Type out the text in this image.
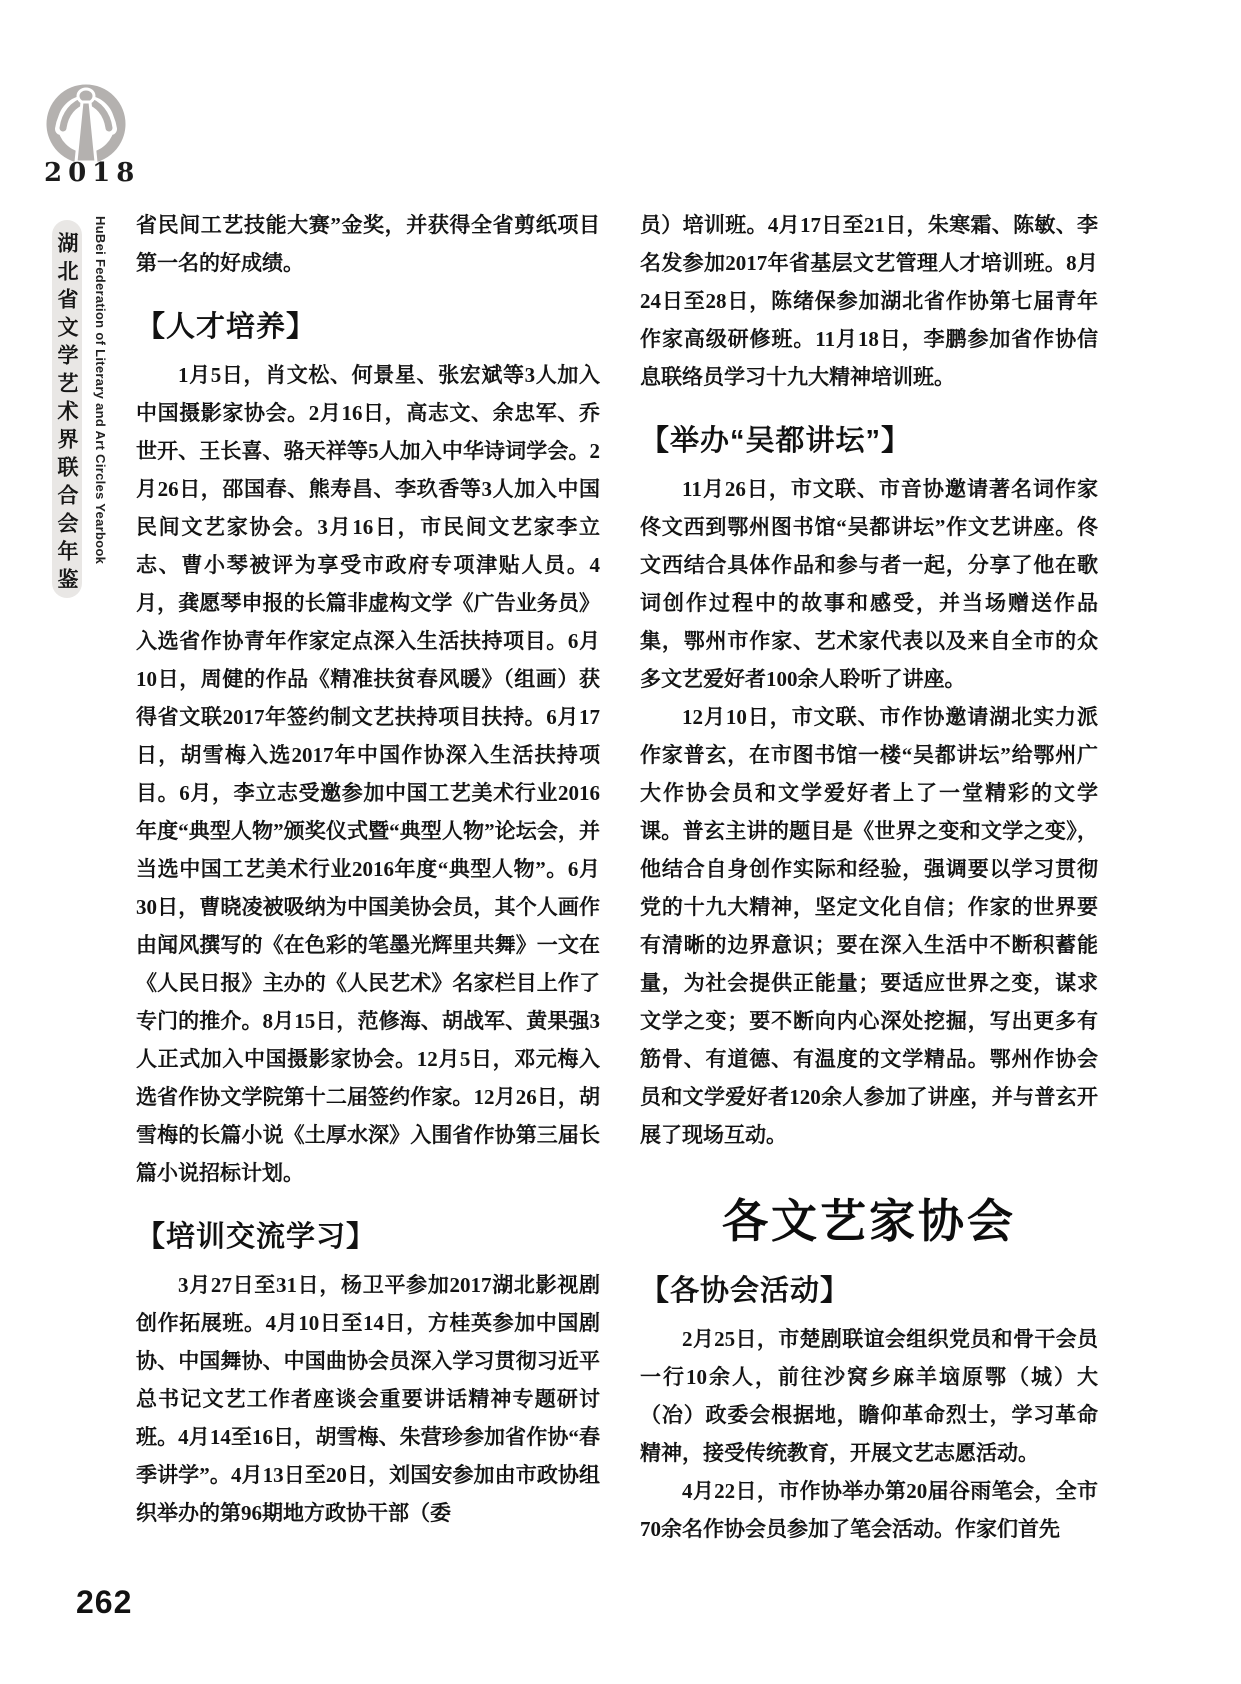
2018
湖北省文学艺术界联合会年鉴 HuBei Federation of Literary and Art Circles Yearbook 省民间工艺技能大赛”金奖，并获得全省剪纸项目第一名的好成绩。

【人才培养】

1月5日，肖文松、何景星、张宏斌等3人加入中国摄影家协会。2月16日，高志文、余忠军、乔世开、王长喜、骆天祥等5人加入中华诗词学会。2月26日，邵国春、熊寿昌、李玖香等3人加入中国民间文艺家协会。3月16日，市民间文艺家李立志、曹小琴被评为享受市政府专项津贴人员。4月，龚愿琴申报的长篇非虚构文学《广告业务员》入选省作协青年作家定点深入生活扶持项目。6月10日，周健的作品《精准扶贫春风暖》（组画）获得省文联2017年签约制文艺扶持项目扶持。6月17日，胡雪梅入选2017年中国作协深入生活扶持项目。6月，李立志受邀参加中国工艺美术行业2016年度“典型人物”颁奖仪式暨“典型人物”论坛会，并当选中国工艺美术行业2016年度“典型人物”。6月30日，曹晓凌被吸纳为中国美协会员，其个人画作由闻风撰写的《在色彩的笔墨光辉里共舞》一文在《人民日报》主办的《人民艺术》名家栏目上作了专门的推介。8月15日，范修海、胡战军、黄果强3人正式加入中国摄影家协会。12月5日，邓元梅入选省作协文学院第十二届签约作家。12月26日，胡雪梅的长篇小说《土厚水深》入围省作协第三届长篇小说招标计划。

【培训交流学习】

3月27日至31日，杨卫平参加2017湖北影视剧创作拓展班。4月10日至14日，方桂英参加中国剧协、中国舞协、中国曲协会员深入学习贯彻习近平总书记文艺工作者座谈会重要讲话精神专题研讨班。4月14至16日，胡雪梅、朱营珍参加省作协“春季讲学”。4月13日至20日，刘国安参加由市政协组织举办的第96期地方政协干部（委

员）培训班。4月17日至21日，朱寒霜、陈敏、李名发参加2017年省基层文艺管理人才培训班。8月24日至28日，陈绪保参加湖北省作协第七届青年作家高级研修班。11月18日，李鹏参加省作协信息联络员学习十九大精神培训班。

【举办“吴都讲坛”】

11月26日，市文联、市音协邀请著名词作家佟文西到鄂州图书馆“吴都讲坛”作文艺讲座。佟文西结合具体作品和参与者一起，分享了他在歌词创作过程中的故事和感受，并当场赠送作品集，鄂州市作家、艺术家代表以及来自全市的众多文艺爱好者100余人聆听了讲座。

12月10日，市文联、市作协邀请湖北实力派作家普玄，在市图书馆一楼“吴都讲坛”给鄂州广大作协会员和文学爱好者上了一堂精彩的文学课。普玄主讲的题目是《世界之变和文学之变》，他结合自身创作实际和经验，强调要以学习贯彻党的十九大精神，坚定文化自信；作家的世界要有清晰的边界意识；要在深入生活中不断积蓄能量，为社会提供正能量；要适应世界之变，谋求文学之变；要不断向内心深处挖掘，写出更多有筋骨、有道德、有温度的文学精品。鄂州作协会员和文学爱好者120余人参加了讲座，并与普玄开展了现场互动。

各文艺家协会
【各协会活动】

2月25日，市楚剧联谊会组织党员和骨干会员一行10余人，前往沙窝乡麻羊垴原鄂（城）大（冶）政委会根据地，瞻仰革命烈士，学习革命精神，接受传统教育，开展文艺志愿活动。

4月22日，市作协举办第20届谷雨笔会，全市70余名作协会员参加了笔会活动。作家们首先

262
